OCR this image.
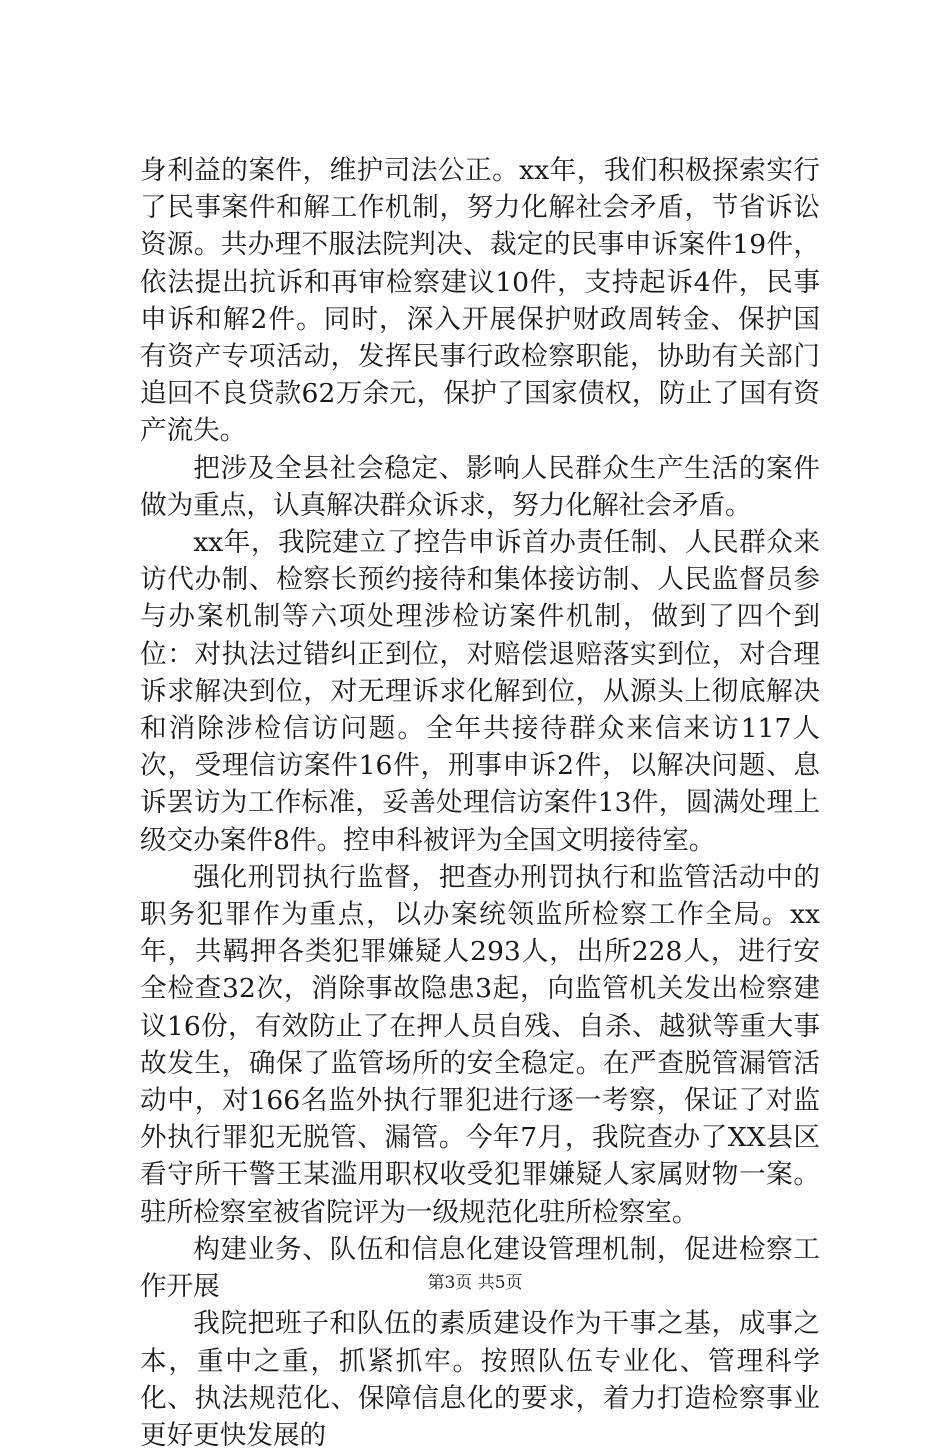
身利益的案件，维护司法公正。xx年，我们积极探索实行了民事案件和解工作机制，努力化解社会矛盾，节省诉讼资源。共办理不服法院判决、裁定的民事申诉案件19件，依法提出抗诉和再审检察建议10件，支持起诉4件，民事申诉和解2件。同时，深入开展保护财政周转金、保护国有资产专项活动，发挥民事行政检察职能，协助有关部门追回不良贷款62万余元，保护了国家债权，防止了国有资产流失。

把涉及全县社会稳定、影响人民群众生产生活的案件做为重点，认真解决群众诉求，努力化解社会矛盾。

xx年，我院建立了控告申诉首办责任制、人民群众来访代办制、检察长预约接待和集体接访制、人民监督员参与办案机制等六项处理涉检访案件机制，做到了四个到位：对执法过错纠正到位，对赔偿退赔落实到位，对合理诉求解决到位，对无理诉求化解到位，从源头上彻底解决和消除涉检信访问题。全年共接待群众来信来访117人次，受理信访案件16件，刑事申诉2件，以解决问题、息诉罢访为工作标准，妥善处理信访案件13件，圆满处理上级交办案件8件。控申科被评为全国文明接待室。

强化刑罚执行监督，把查办刑罚执行和监管活动中的职务犯罪作为重点，以办案统领监所检察工作全局。xx年，共羁押各类犯罪嫌疑人293人，出所228人，进行安全检查32次，消除事故隐患3起，向监管机关发出检察建议16份，有效防止了在押人员自残、自杀、越狱等重大事故发生，确保了监管场所的安全稳定。在严查脱管漏管活动中，对166名监外执行罪犯进行逐一考察，保证了对监外执行罪犯无脱管、漏管。今年7月，我院查办了XX县区看守所干警王某滥用职权收受犯罪嫌疑人家属财物一案。驻所检察室被省院评为一级规范化驻所检察室。

构建业务、队伍和信息化建设管理机制，促进检察工作开展

我院把班子和队伍的素质建设作为干事之基，成事之本，重中之重，抓紧抓牢。按照队伍专业化、管理科学化、执法规范化、保障信息化的要求，着力打造检察事业更好更快发展的

第3页 共5页
